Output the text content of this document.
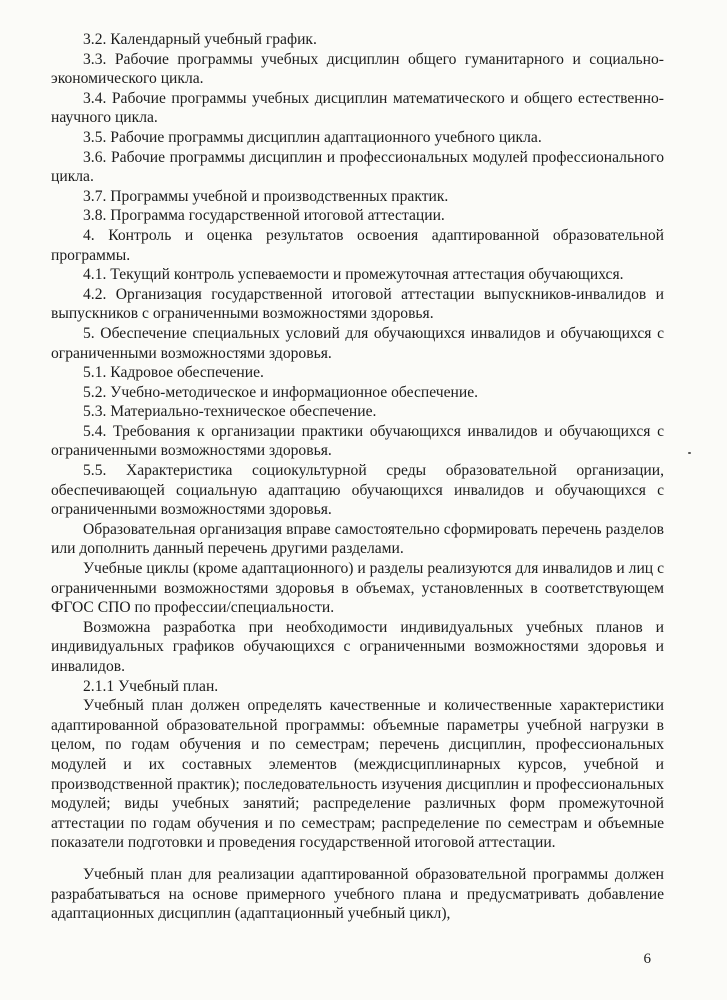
3.2. Календарный учебный график.

3.3. Рабочие программы учебных дисциплин общего гуманитарного и социально-экономического цикла.

3.4. Рабочие программы учебных дисциплин математического и общего естественно-научного цикла.

3.5. Рабочие программы дисциплин адаптационного учебного цикла.

3.6. Рабочие программы дисциплин и профессиональных модулей профессионального цикла.

3.7. Программы учебной и производственных практик.

3.8. Программа государственной итоговой аттестации.

4. Контроль и оценка результатов освоения адаптированной образовательной программы.

4.1. Текущий контроль успеваемости и промежуточная аттестация обучающихся.

4.2. Организация государственной итоговой аттестации выпускников-инвалидов и выпускников с ограниченными возможностями здоровья.

5. Обеспечение специальных условий для обучающихся инвалидов и обучающихся с ограниченными возможностями здоровья.

5.1. Кадровое обеспечение.

5.2. Учебно-методическое и информационное обеспечение.

5.3. Материально-техническое обеспечение.

5.4. Требования к организации практики обучающихся инвалидов и обучающихся с ограниченными возможностями здоровья.

5.5. Характеристика социокультурной среды образовательной организации, обеспечивающей социальную адаптацию обучающихся инвалидов и обучающихся с ограниченными возможностями здоровья.

Образовательная организация вправе самостоятельно сформировать перечень разделов или дополнить данный перечень другими разделами.

Учебные циклы (кроме адаптационного) и разделы реализуются для инвалидов и лиц с ограниченными возможностями здоровья в объемах, установленных в соответствующем ФГОС СПО по профессии/специальности.

Возможна разработка при необходимости индивидуальных учебных планов и индивидуальных графиков обучающихся с ограниченными возможностями здоровья и инвалидов.

2.1.1 Учебный план.

Учебный план должен определять качественные и количественные характеристики адаптированной образовательной программы: объемные параметры учебной нагрузки в целом, по годам обучения и по семестрам; перечень дисциплин, профессиональных модулей и их составных элементов (междисциплинарных курсов, учебной и производственной практик); последовательность изучения дисциплин и профессиональных модулей; виды учебных занятий; распределение различных форм промежуточной аттестации по годам обучения и по семестрам; распределение по семестрам и объемные показатели подготовки и проведения государственной итоговой аттестации.

Учебный план для реализации адаптированной образовательной программы должен разрабатываться на основе примерного учебного плана и предусматривать добавление адаптационных дисциплин (адаптационный учебный цикл),

6
